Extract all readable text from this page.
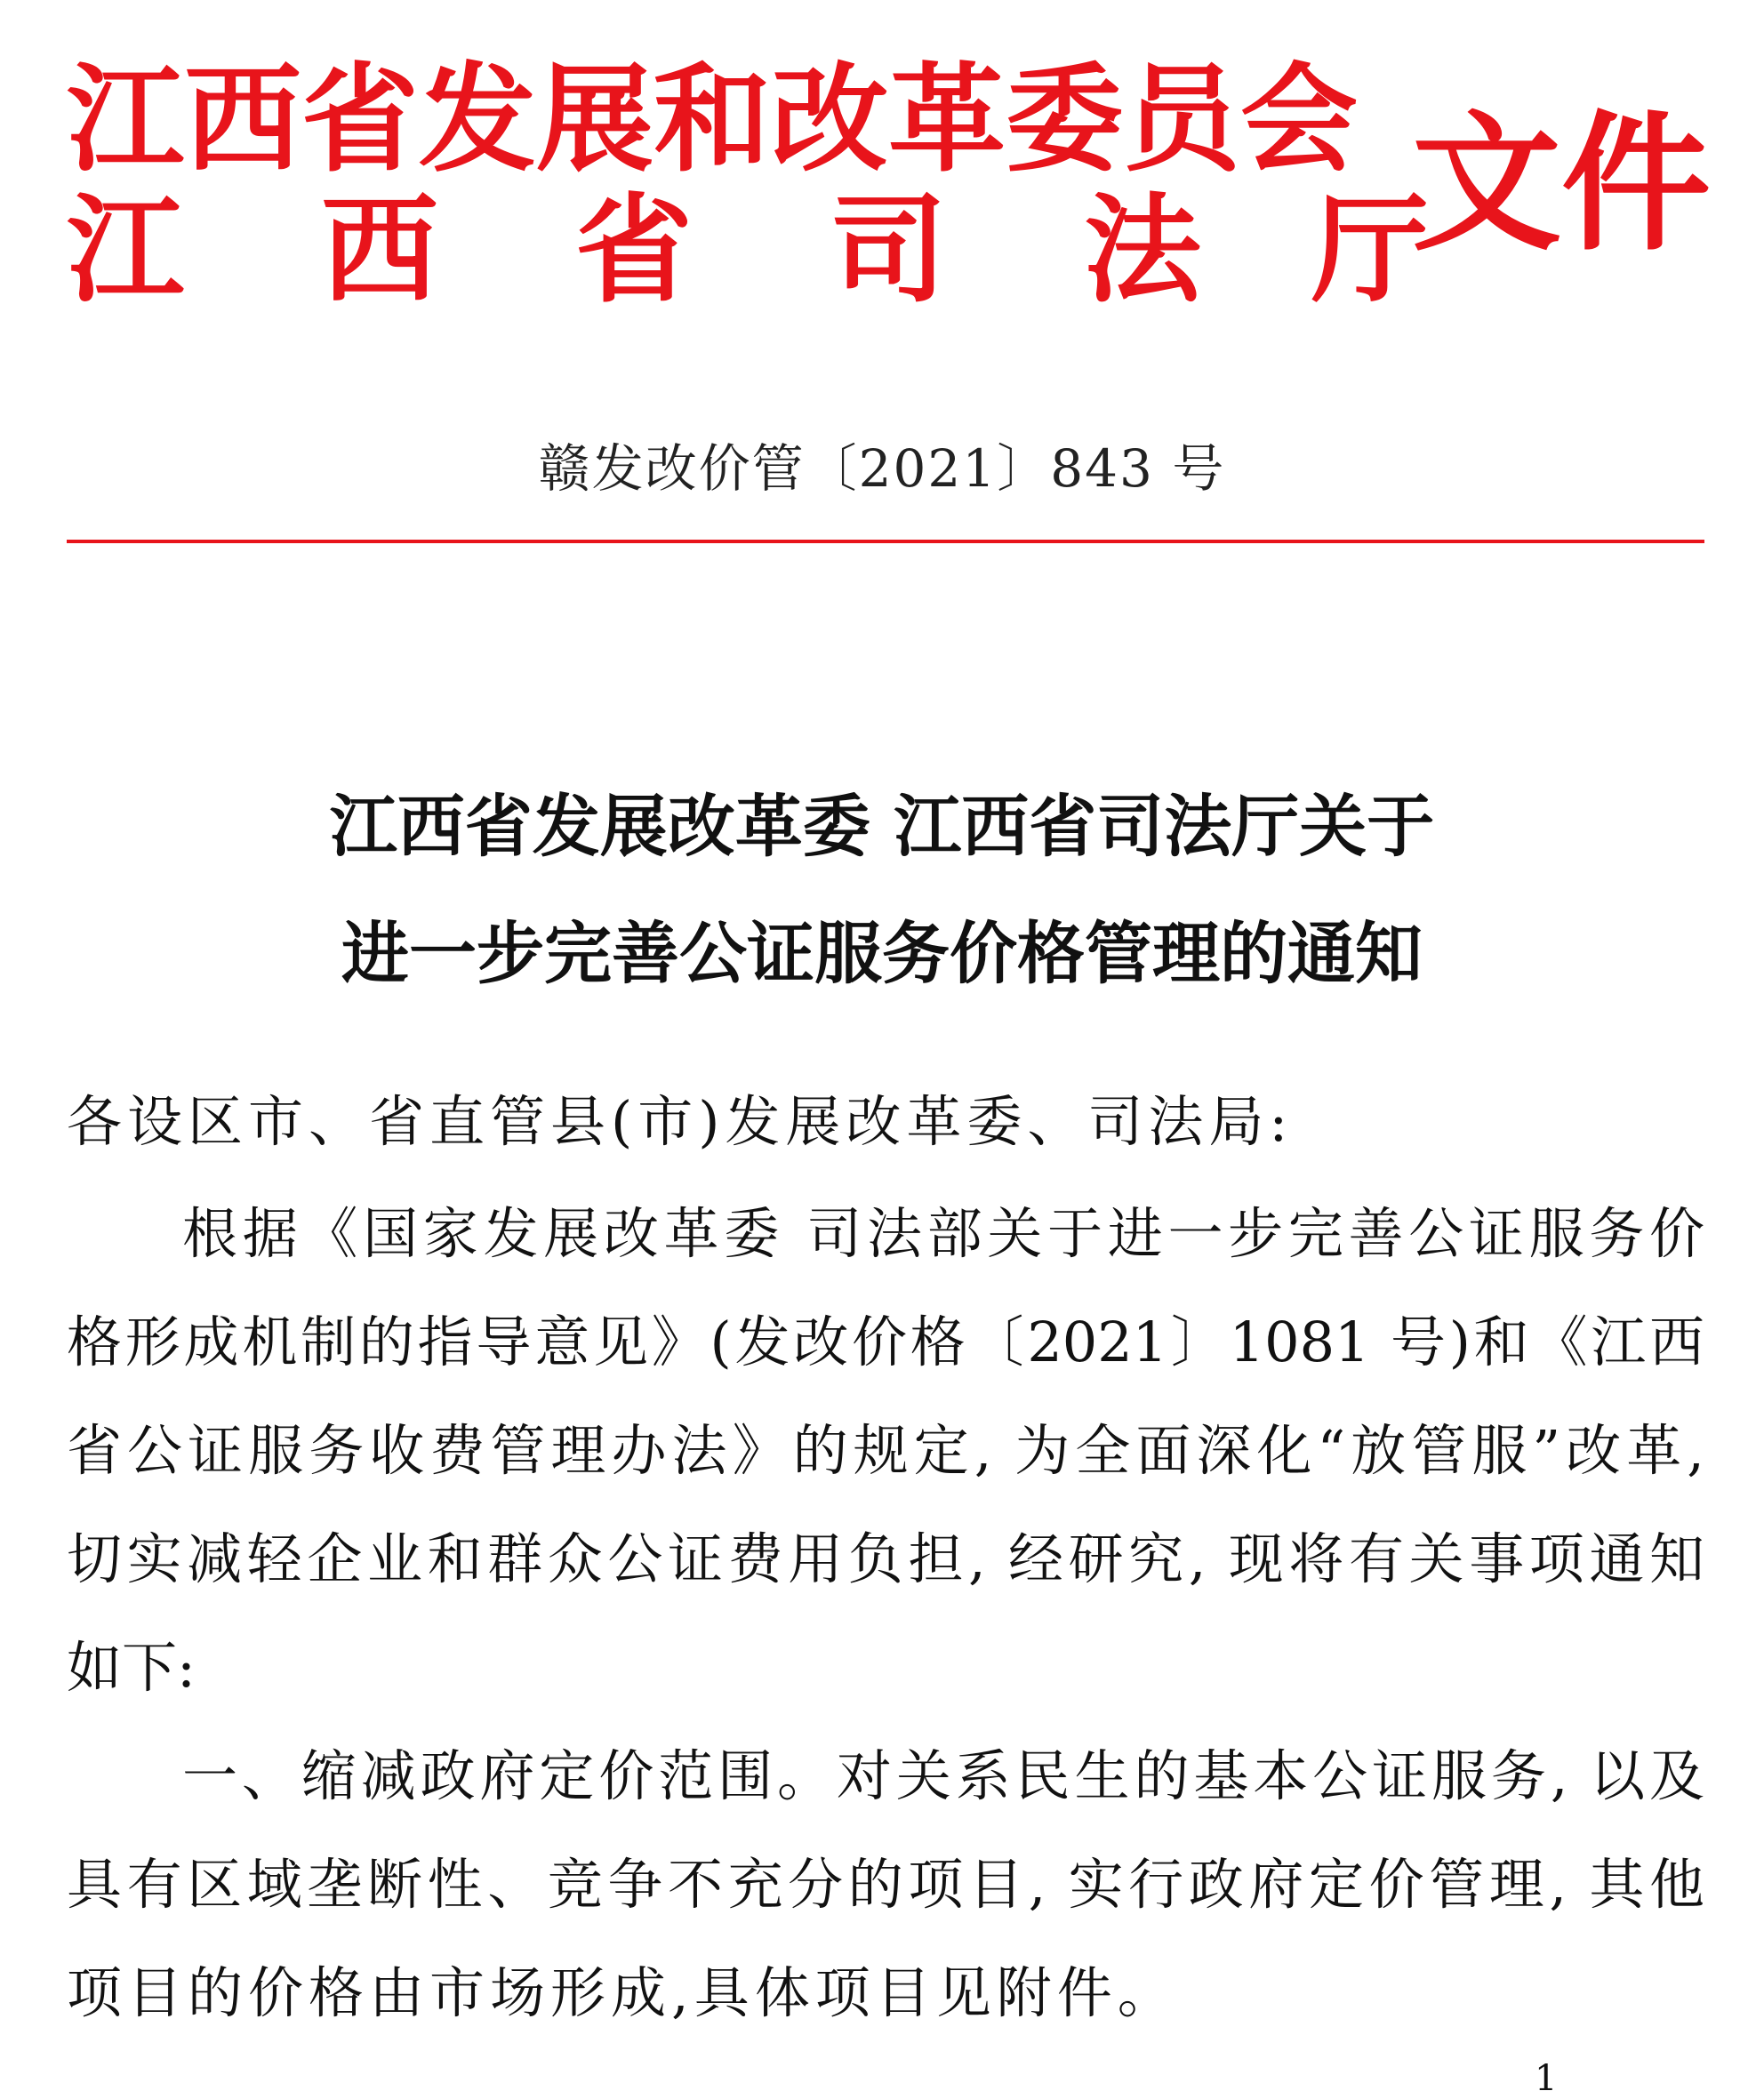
江西省发展和改革委员会
江 西 省 司 法 厅
文件
赣发改价管〔2021〕843 号
江西省发展改革委 江西省司法厅关于
进一步完善公证服务价格管理的通知
各设区市、省直管县(市)发展改革委、司法局:
根据《国家发展改革委 司法部关于进一步完善公证服务价
格形成机制的指导意见》(发改价格〔2021〕1081 号)和《江西
省公证服务收费管理办法》的规定, 为全面深化“放管服”改革,
切实减轻企业和群众公证费用负担, 经研究, 现将有关事项通知
如下:
一、缩减政府定价范围。对关系民生的基本公证服务, 以及
具有区域垄断性、竞争不充分的项目, 实行政府定价管理, 其他
项目的价格由市场形成,具体项目见附件。
1
